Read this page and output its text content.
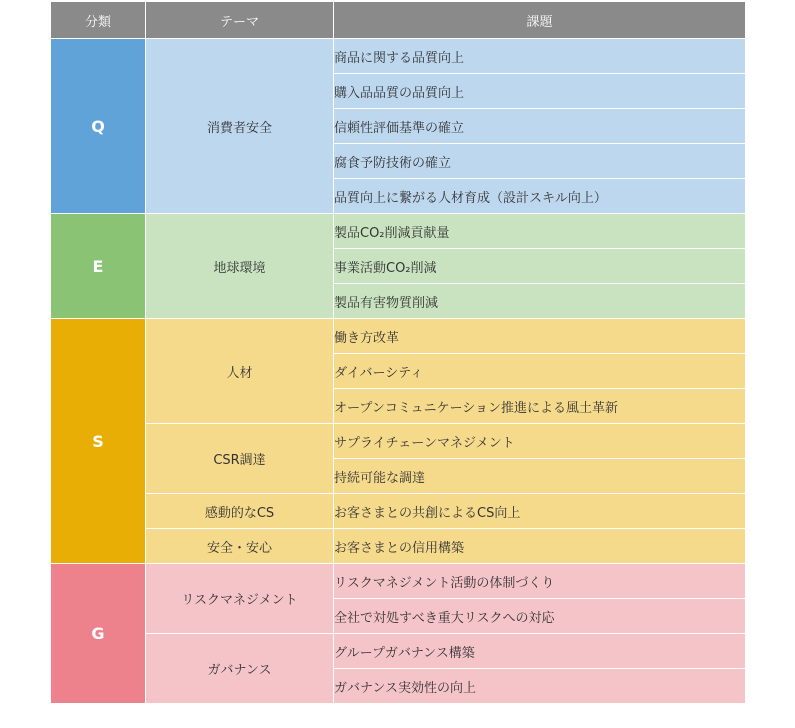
分類	テーマ	課題
Q	消費者安全	商品に関する品質向上
		購入品品質の品質向上
		信頼性評価基準の確立
		腐食予防技術の確立
		品質向上に繋がる人材育成（設計スキル向上）
E	地球環境	製品CO₂削減貢献量
		事業活動CO₂削減
		製品有害物質削減
S	人材	働き方改革
		ダイバーシティ
		オープンコミュニケーション推進による風土革新
	CSR調達	サプライチェーンマネジメント
		持続可能な調達
	感動的なCS	お客さまとの共創によるCS向上
	安全・安心	お客さまとの信用構築
G	リスクマネジメント	リスクマネジメント活動の体制づくり
		全社で対処すべき重大リスクへの対応
	ガバナンス	グループガバナンス構築
		ガバナンス実効性の向上
